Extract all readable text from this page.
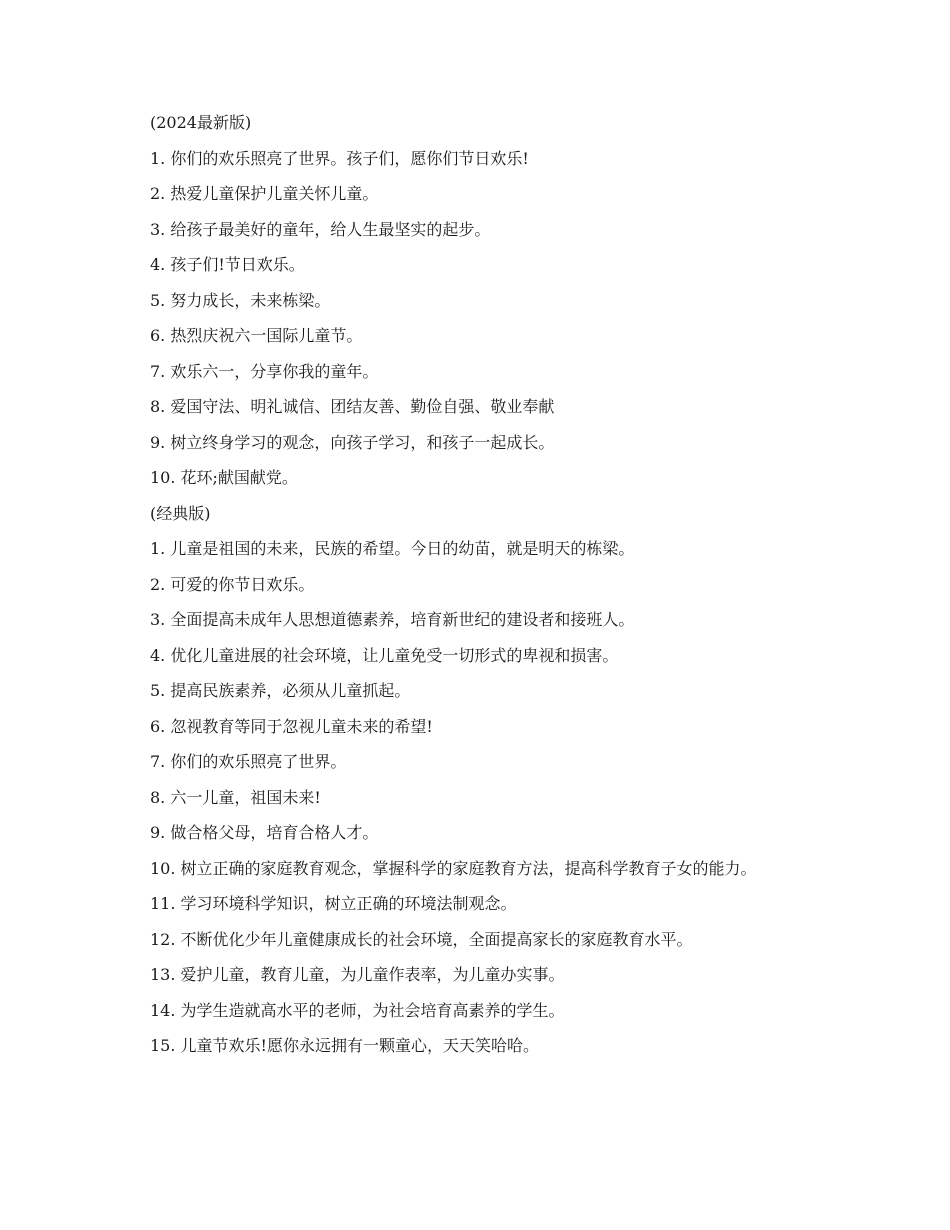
(2024最新版)

1. 你们的欢乐照亮了世界。孩子们，愿你们节日欢乐!

2. 热爱儿童保护儿童关怀儿童。

3. 给孩子最美好的童年，给人生最坚实的起步。

4. 孩子们!节日欢乐。

5. 努力成长，未来栋梁。

6. 热烈庆祝六一国际儿童节。

7. 欢乐六一，分享你我的童年。

8. 爱国守法、明礼诚信、团结友善、勤俭自强、敬业奉献

9. 树立终身学习的观念，向孩子学习，和孩子一起成长。

10. 花环;献国献党。

(经典版)

1. 儿童是祖国的未来，民族的希望。今日的幼苗，就是明天的栋梁。

2. 可爱的你节日欢乐。

3. 全面提高未成年人思想道德素养，培育新世纪的建设者和接班人。

4. 优化儿童进展的社会环境，让儿童免受一切形式的卑视和损害。

5. 提高民族素养，必须从儿童抓起。

6. 忽视教育等同于忽视儿童未来的希望!

7. 你们的欢乐照亮了世界。

8. 六一儿童，祖国未来!

9. 做合格父母，培育合格人才。

10. 树立正确的家庭教育观念，掌握科学的家庭教育方法，提高科学教育子女的能力。

11. 学习环境科学知识，树立正确的环境法制观念。

12. 不断优化少年儿童健康成长的社会环境，全面提高家长的家庭教育水平。

13. 爱护儿童，教育儿童，为儿童作表率，为儿童办实事。

14. 为学生造就高水平的老师，为社会培育高素养的学生。

15. 儿童节欢乐!愿你永远拥有一颗童心，天天笑哈哈。
